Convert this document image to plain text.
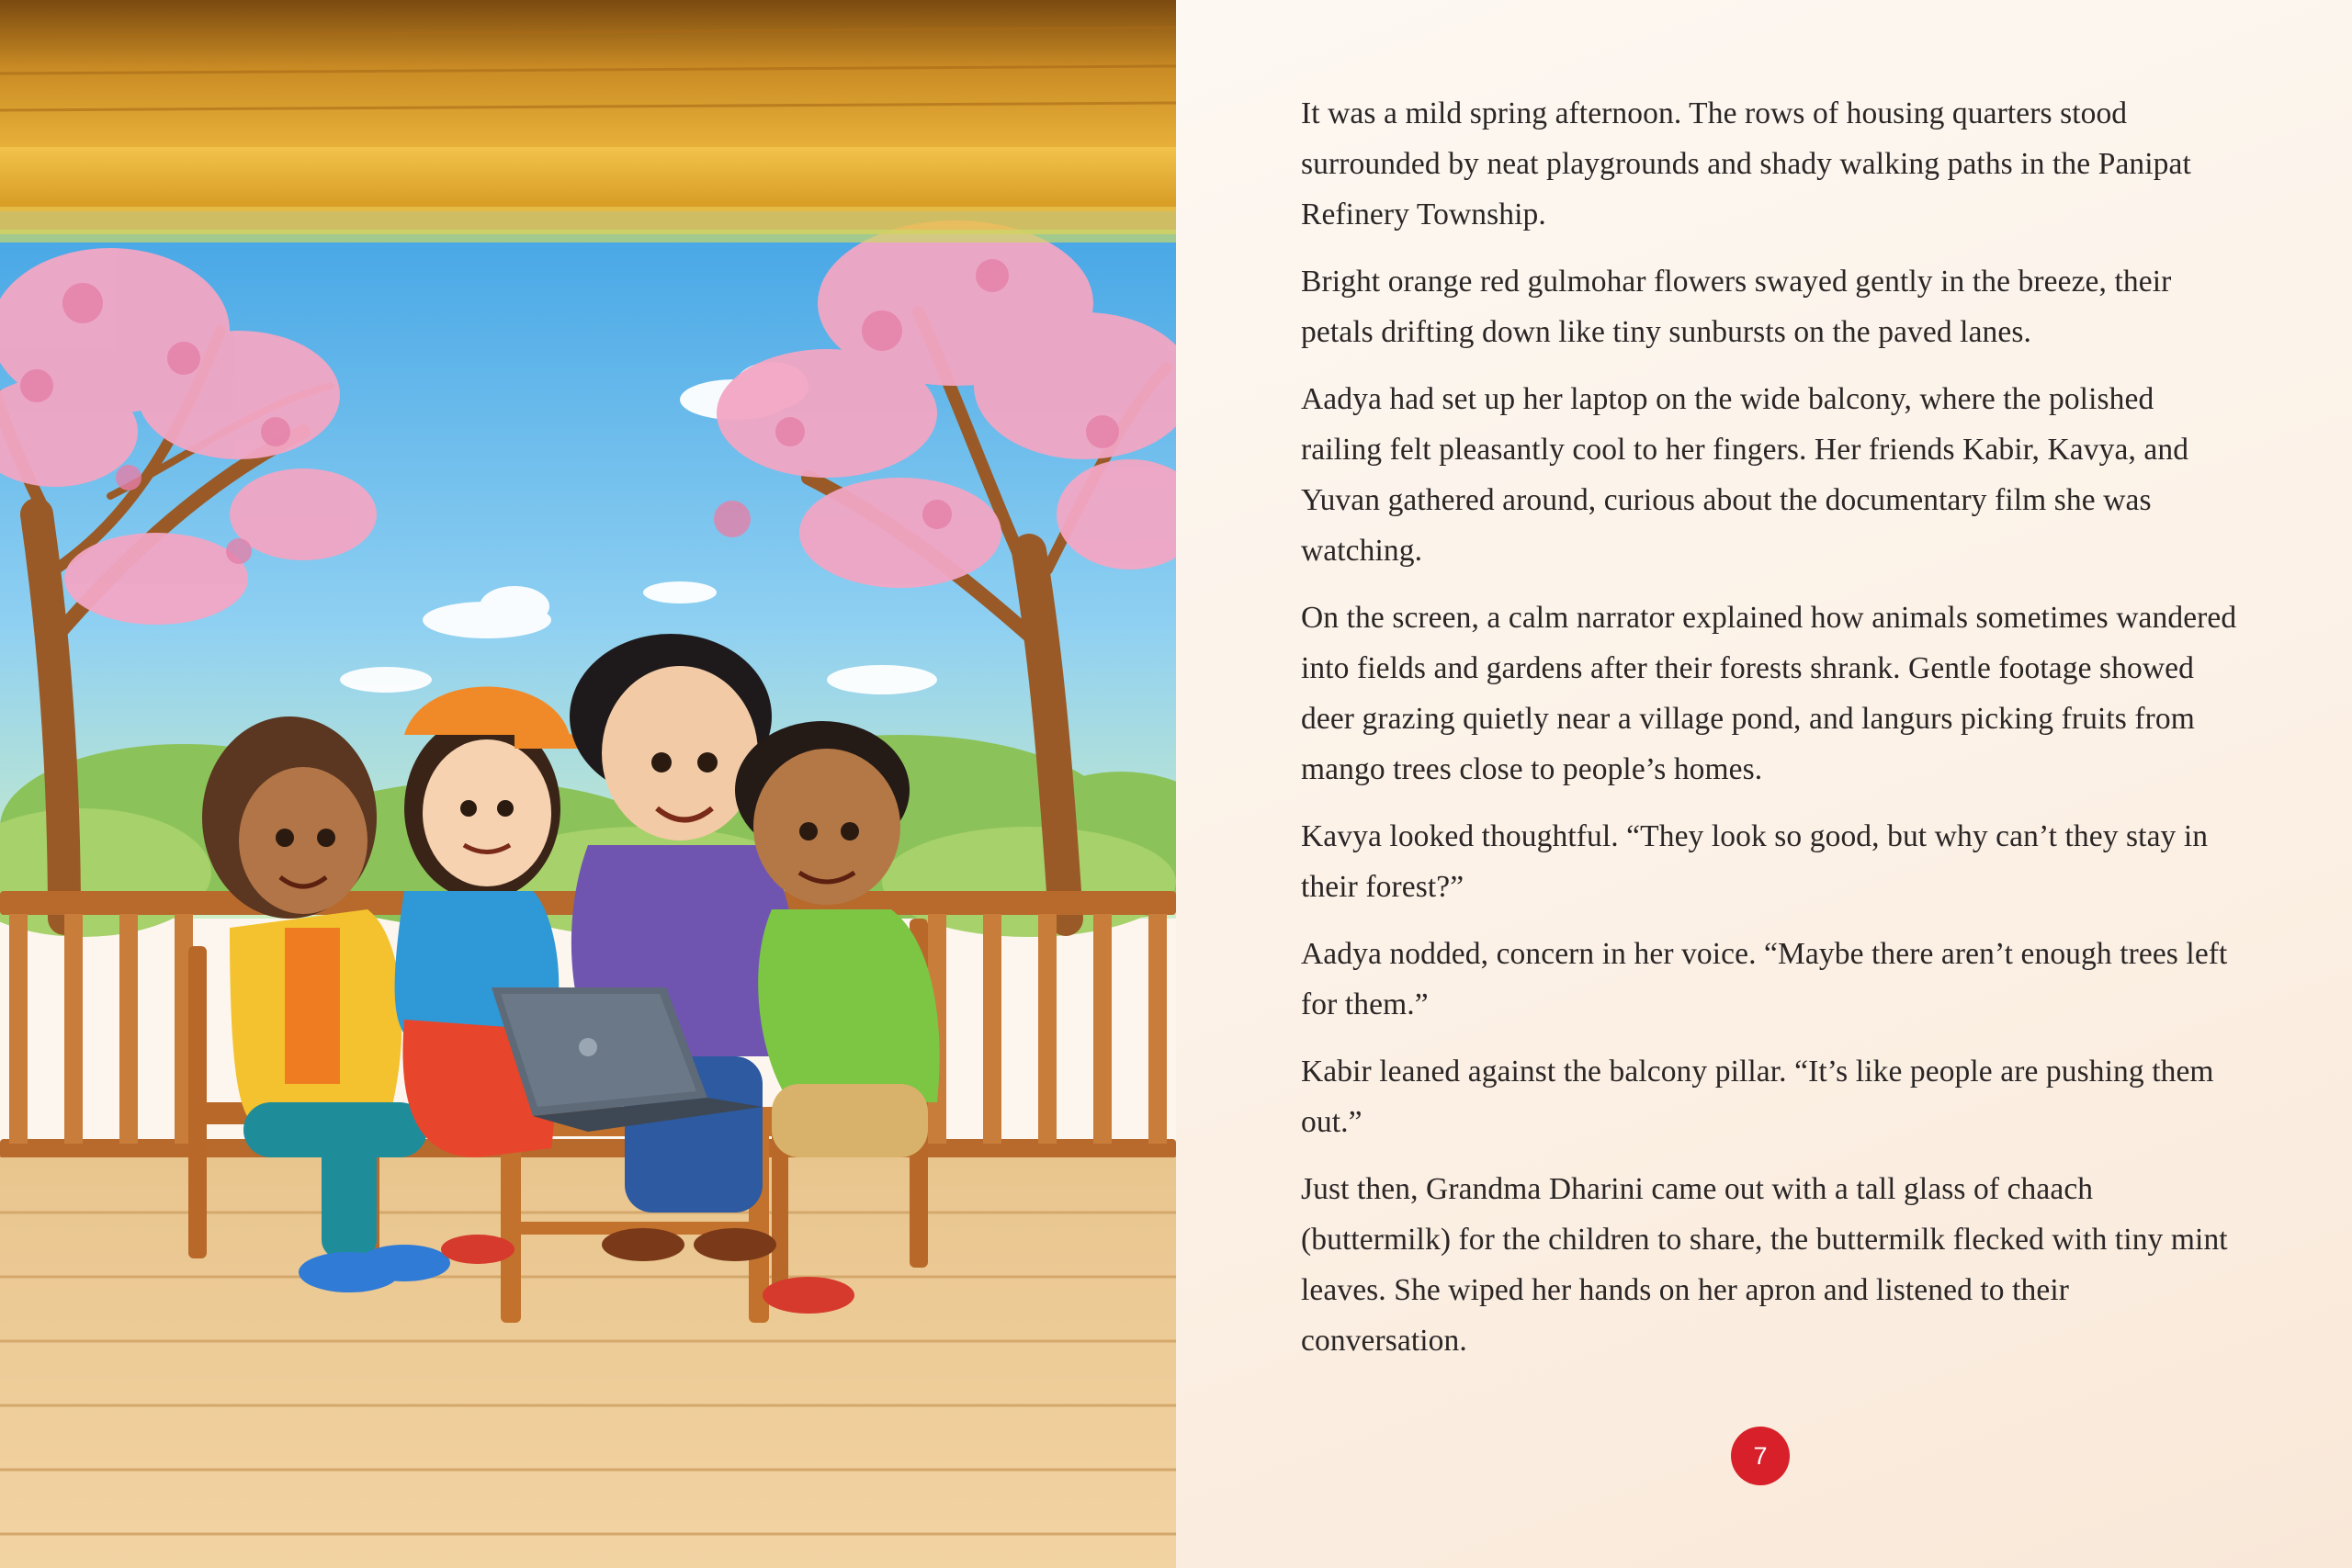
It was a mild spring afternoon. The rows of housing quarters stood surrounded by neat playgrounds and shady walking paths in the Panipat Refinery Township.

Bright orange red gulmohar flowers swayed gently in the breeze, their petals drifting down like tiny sunbursts on the paved lanes.

Aadya had set up her laptop on the wide balcony, where the polished railing felt pleasantly cool to her fingers. Her friends Kabir, Kavya, and Yuvan gathered around, curious about the documentary film she was watching.

On the screen, a calm narrator explained how animals sometimes wandered into fields and gardens after their forests shrank. Gentle footage showed deer grazing quietly near a village pond, and langurs picking fruits from mango trees close to people’s homes.

Kavya looked thoughtful. “They look so good, but why can’t they stay in their forest?”

Aadya nodded, concern in her voice. “Maybe there aren’t enough trees left for them.”

Kabir leaned against the balcony pillar. “It’s like people are pushing them out.”

Just then, Grandma Dharini came out with a tall glass of chaach (buttermilk) for the children to share, the buttermilk flecked with tiny mint leaves. She wiped her hands on her apron and listened to their conversation.

7
